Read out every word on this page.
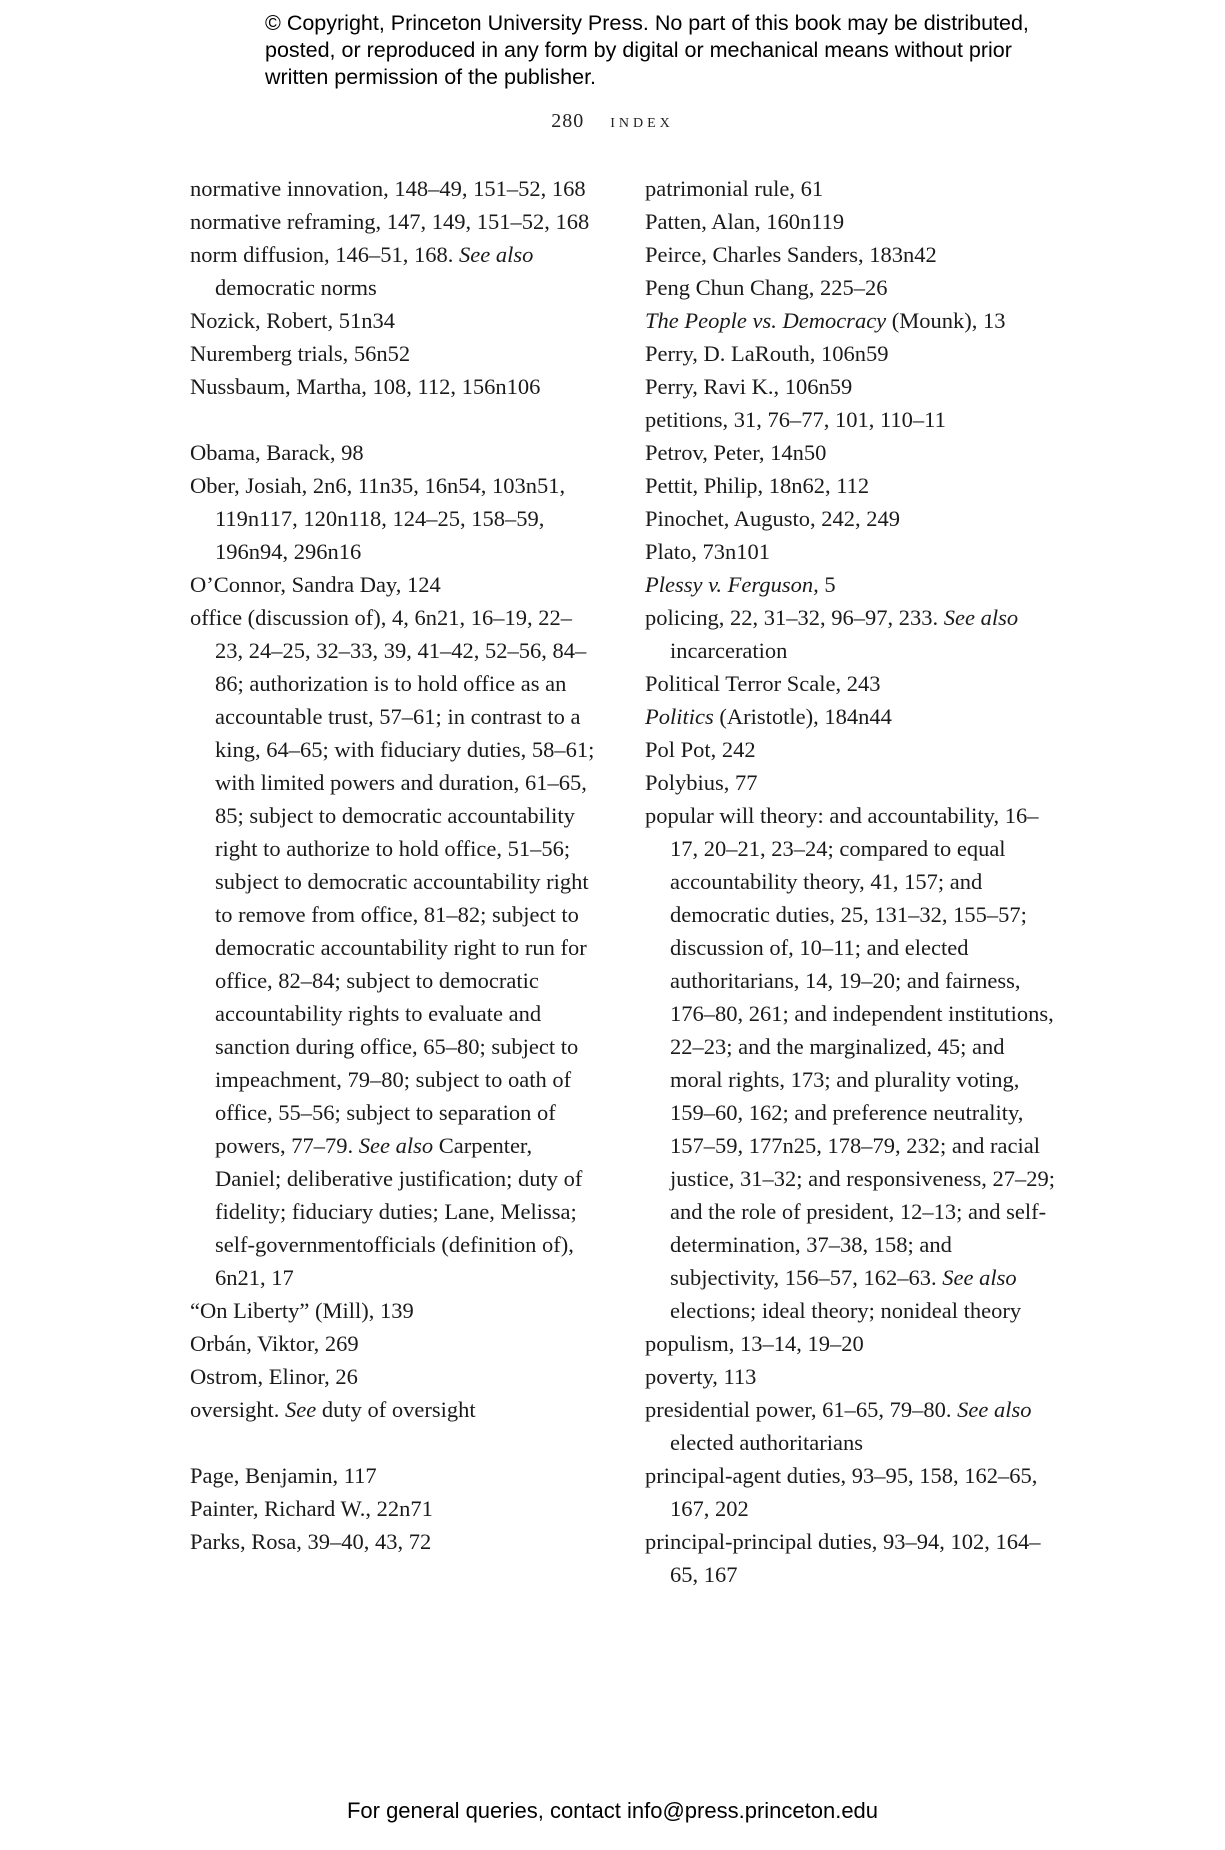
© Copyright, Princeton University Press. No part of this book may be distributed, posted, or reproduced in any form by digital or mechanical means without prior written permission of the publisher.
280 index
normative innovation, 148–49, 151–52, 168
normative reframing, 147, 149, 151–52, 168
norm diffusion, 146–51, 168. See also democratic norms
Nozick, Robert, 51n34
Nuremberg trials, 56n52
Nussbaum, Martha, 108, 112, 156n106
Obama, Barack, 98
Ober, Josiah, 2n6, 11n35, 16n54, 103n51, 119n117, 120n118, 124–25, 158–59, 196n94, 296n16
O’Connor, Sandra Day, 124
office (discussion of), 4, 6n21, 16–19, 22–23, 24–25, 32–33, 39, 41–42, 52–56, 84–86; authorization is to hold office as an accountable trust, 57–61; in contrast to a king, 64–65; with fiduciary duties, 58–61; with limited powers and duration, 61–65, 85; subject to democratic accountability right to authorize to hold office, 51–56; subject to democratic accountability right to remove from office, 81–82; subject to democratic accountability right to run for office, 82–84; subject to democratic accountability rights to evaluate and sanction during office, 65–80; subject to impeachment, 79–80; subject to oath of office, 55–56; subject to separation of powers, 77–79. See also Carpenter, Daniel; deliberative justification; duty of fidelity; fiduciary duties; Lane, Melissa; self-governmentofficials (definition of), 6n21, 17
“On Liberty” (Mill), 139
Orbán, Viktor, 269
Ostrom, Elinor, 26
oversight. See duty of oversight
Page, Benjamin, 117
Painter, Richard W., 22n71
Parks, Rosa, 39–40, 43, 72
patrimonial rule, 61
Patten, Alan, 160n119
Peirce, Charles Sanders, 183n42
Peng Chun Chang, 225–26
The People vs. Democracy (Mounk), 13
Perry, D. LaRouth, 106n59
Perry, Ravi K., 106n59
petitions, 31, 76–77, 101, 110–11
Petrov, Peter, 14n50
Pettit, Philip, 18n62, 112
Pinochet, Augusto, 242, 249
Plato, 73n101
Plessy v. Ferguson, 5
policing, 22, 31–32, 96–97, 233. See also incarceration
Political Terror Scale, 243
Politics (Aristotle), 184n44
Pol Pot, 242
Polybius, 77
popular will theory: and accountability, 16–17, 20–21, 23–24; compared to equal accountability theory, 41, 157; and democratic duties, 25, 131–32, 155–57; discussion of, 10–11; and elected authoritarians, 14, 19–20; and fairness, 176–80, 261; and independent institutions, 22–23; and the marginalized, 45; and moral rights, 173; and plurality voting, 159–60, 162; and preference neutrality, 157–59, 177n25, 178–79, 232; and racial justice, 31–32; and responsiveness, 27–29; and the role of president, 12–13; and self-determination, 37–38, 158; and subjectivity, 156–57, 162–63. See also elections; ideal theory; nonideal theory
populism, 13–14, 19–20
poverty, 113
presidential power, 61–65, 79–80. See also elected authoritarians
principal-agent duties, 93–95, 158, 162–65, 167, 202
principal-principal duties, 93–94, 102, 164–65, 167
For general queries, contact info@press.princeton.edu
